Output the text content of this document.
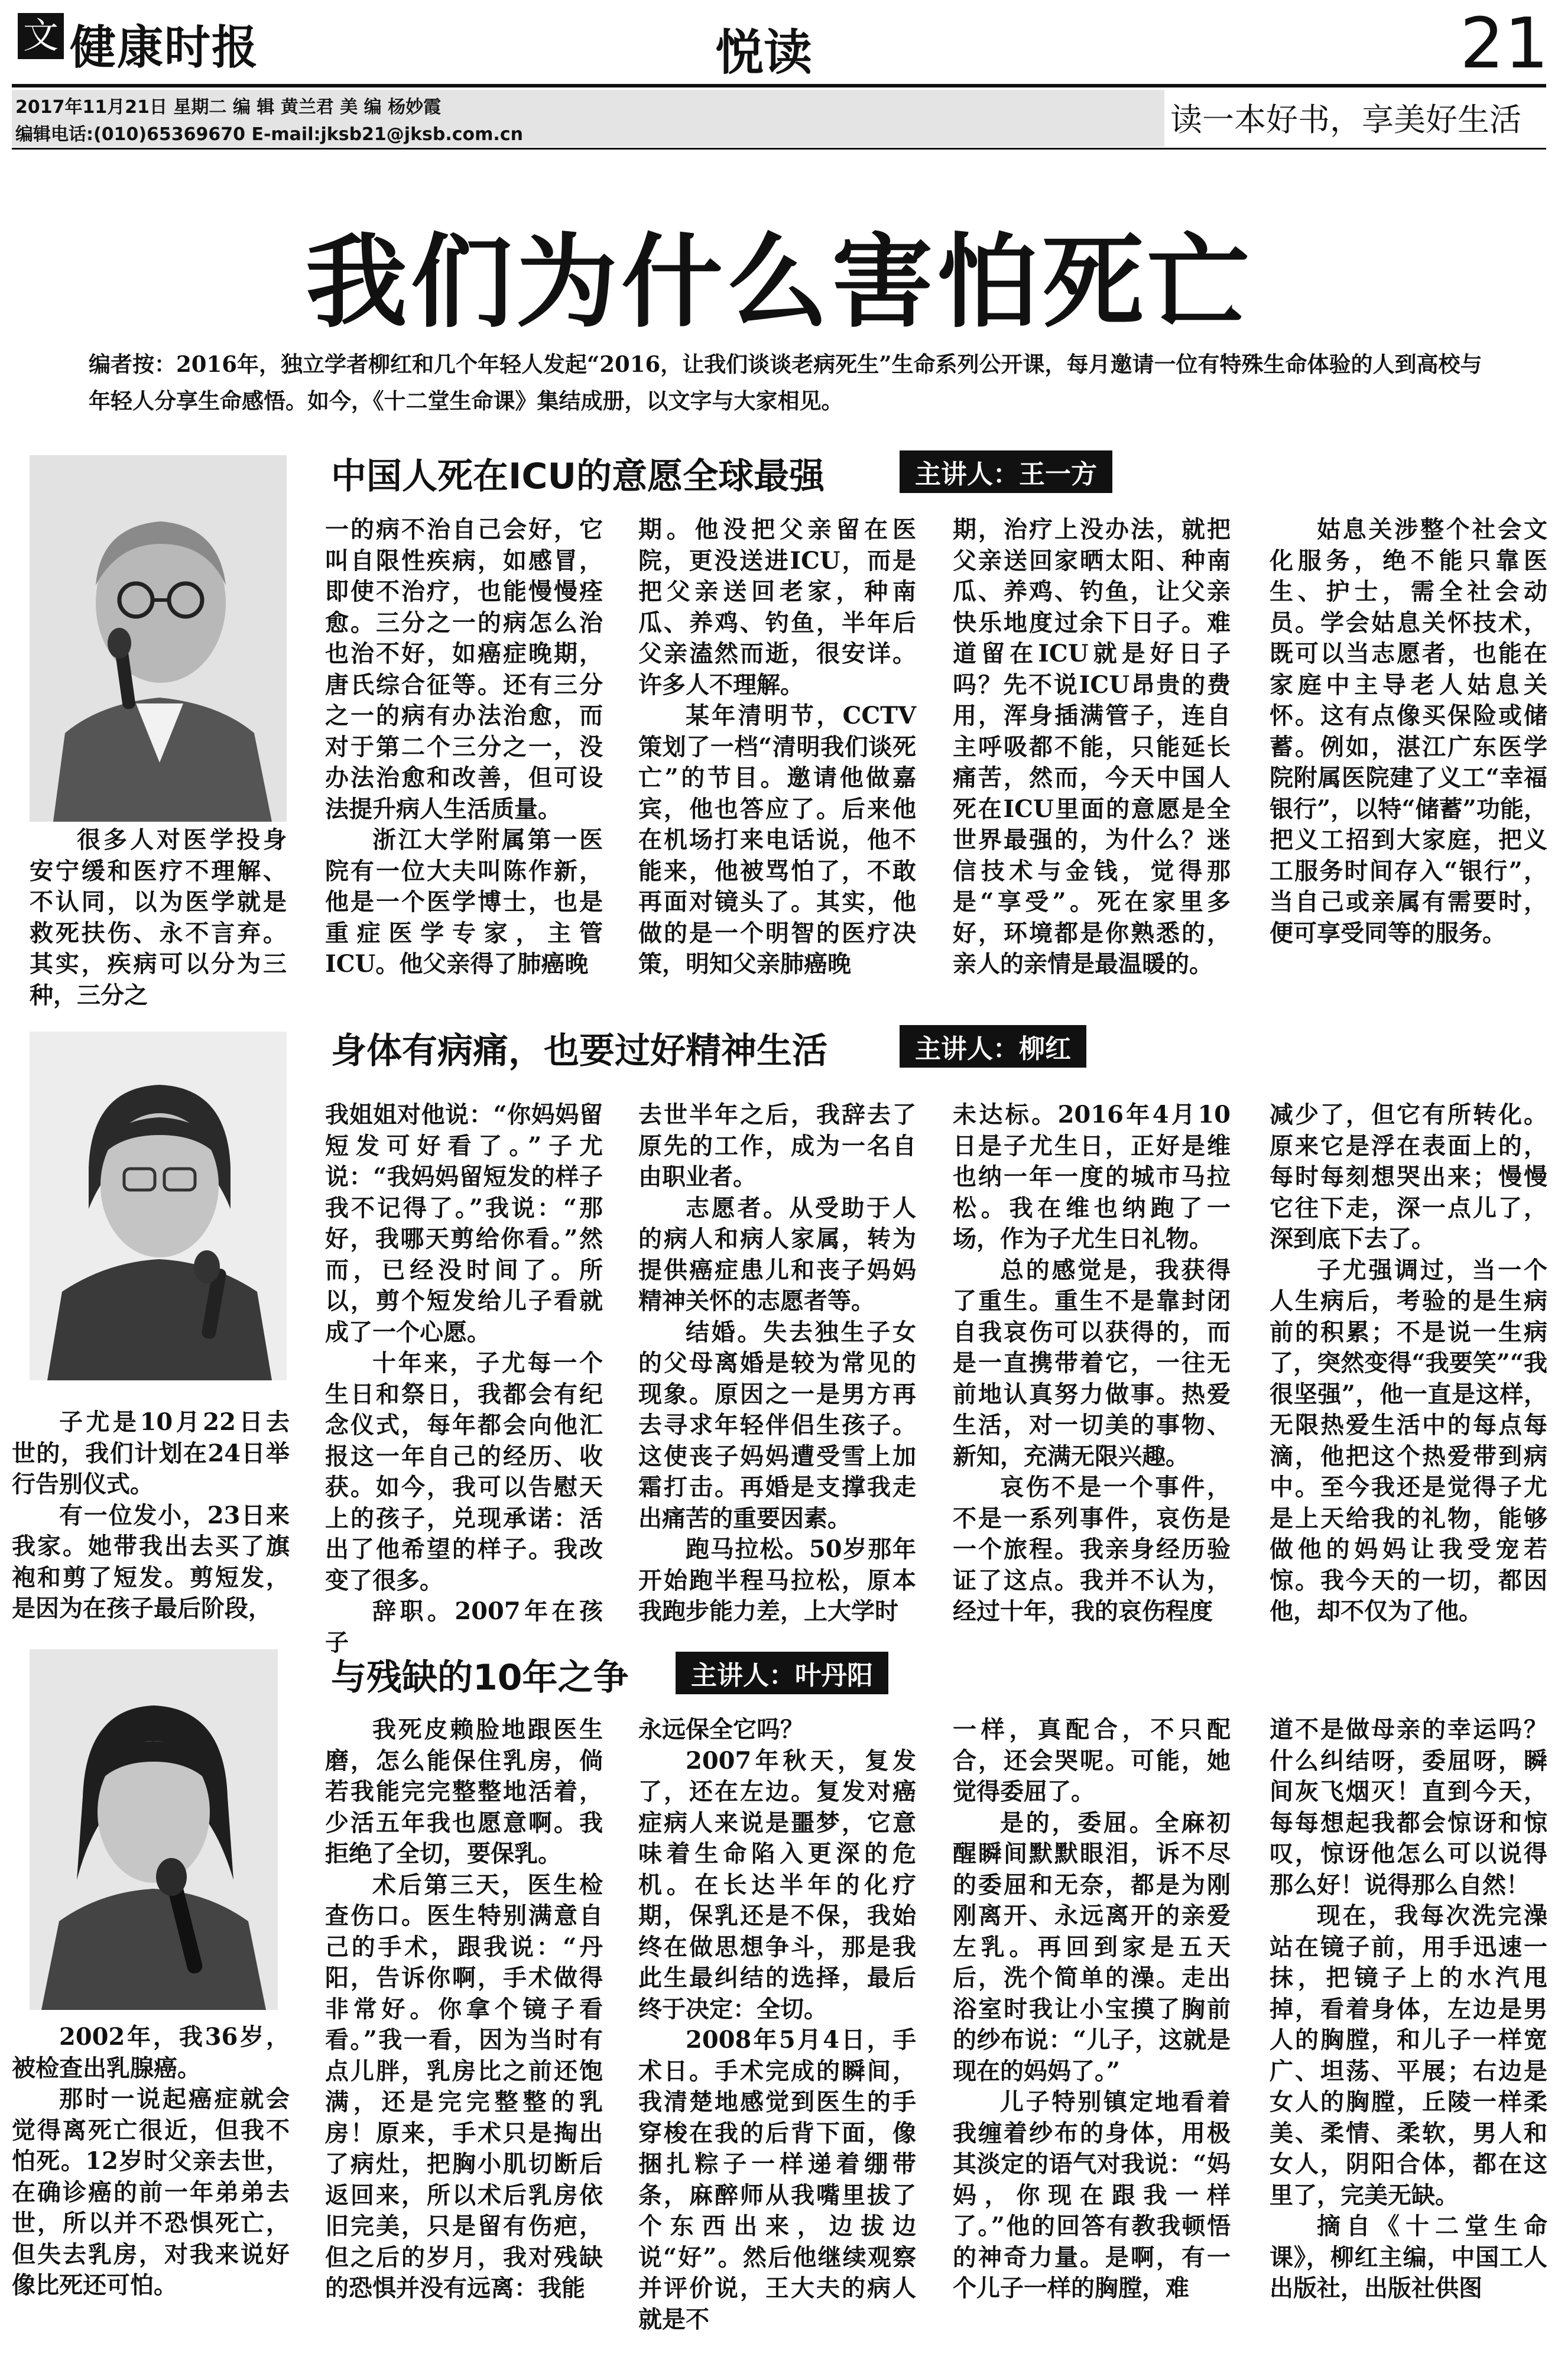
文 健康时报	悦读	21
2017年11月21日 星期二 编 辑 黄兰君 美 编 杨妙霞
编辑电话:(010)65369670 E-mail:jksb21@jksb.com.cn	读一本好书，享美好生活
我们为什么害怕死亡
编者按：2016年，独立学者柳红和几个年轻人发起“2016，让我们谈谈老病死生”生命系列公开课，每月邀请一位有特殊生命体验的人到高校与年轻人分享生命感悟。如今，《十二堂生命课》集结成册，以文字与大家相见。
中国人死在ICU的意愿全球最强	主讲人：王一方

很多人对医学投身安宁缓和医疗不理解、不认同，以为医学就是救死扶伤、永不言弃。其实，疾病可以分为三种，三分之

一的病不治自己会好，它叫自限性疾病，如感冒，即使不治疗，也能慢慢痊愈。三分之一的病怎么治也治不好，如癌症晚期，唐氏综合征等。还有三分之一的病有办法治愈，而对于第二个三分之一，没办法治愈和改善，但可设法提升病人生活质量。

浙江大学附属第一医院有一位大夫叫陈作新，他是一个医学博士，也是重症医学专家，主管ICU。他父亲得了肺癌晚

期。他没把父亲留在医院，更没送进ICU，而是把父亲送回老家，种南瓜、养鸡、钓鱼，半年后父亲溘然而逝，很安详。许多人不理解。

某年清明节，CCTV策划了一档“清明我们谈死亡”的节目。邀请他做嘉宾，他也答应了。后来他在机场打来电话说，他不能来，他被骂怕了，不敢再面对镜头了。其实，他做的是一个明智的医疗决策，明知父亲肺癌晚

期，治疗上没办法，就把父亲送回家晒太阳、种南瓜、养鸡、钓鱼，让父亲快乐地度过余下日子。难道留在ICU就是好日子吗？先不说ICU昂贵的费用，浑身插满管子，连自主呼吸都不能，只能延长痛苦，然而，今天中国人死在ICU里面的意愿是全世界最强的，为什么？迷信技术与金钱，觉得那是“享受”。死在家里多好，环境都是你熟悉的，亲人的亲情是最温暖的。

姑息关涉整个社会文化服务，绝不能只靠医生、护士，需全社会动员。学会姑息关怀技术，既可以当志愿者，也能在家庭中主导老人姑息关怀。这有点像买保险或储蓄。例如，湛江广东医学院附属医院建了义工“幸福银行”，以特“储蓄”功能，把义工招到大家庭，把义工服务时间存入“银行”，当自己或亲属有需要时，便可享受同等的服务。

身体有病痛，也要过好精神生活	主讲人：柳红

子尤是10月22日去世的，我们计划在24日举行告别仪式。

有一位发小，23日来我家。她带我出去买了旗袍和剪了短发。剪短发，是因为在孩子最后阶段，

我姐姐对他说：“你妈妈留短发可好看了。”子尤说：“我妈妈留短发的样子我不记得了。”我说：“那好，我哪天剪给你看。”然而，已经没时间了。所以，剪个短发给儿子看就成了一个心愿。

十年来，子尤每一个生日和祭日，我都会有纪念仪式，每年都会向他汇报这一年自己的经历、收获。如今，我可以告慰天上的孩子，兑现承诺：活出了他希望的样子。我改变了很多。

辞职。2007年在孩子

去世半年之后，我辞去了原先的工作，成为一名自由职业者。

志愿者。从受助于人的病人和病人家属，转为提供癌症患儿和丧子妈妈精神关怀的志愿者等。

结婚。失去独生子女的父母离婚是较为常见的现象。原因之一是男方再去寻求年轻伴侣生孩子。这使丧子妈妈遭受雪上加霜打击。再婚是支撑我走出痛苦的重要因素。

跑马拉松。50岁那年开始跑半程马拉松，原本我跑步能力差，上大学时

未达标。2016年4月10日是子尤生日，正好是维也纳一年一度的城市马拉松。我在维也纳跑了一场，作为子尤生日礼物。

总的感觉是，我获得了重生。重生不是靠封闭自我哀伤可以获得的，而是一直携带着它，一往无前地认真努力做事。热爱生活，对一切美的事物、新知，充满无限兴趣。

哀伤不是一个事件，不是一系列事件，哀伤是一个旅程。我亲身经历验证了这点。我并不认为，经过十年，我的哀伤程度

减少了，但它有所转化。原来它是浮在表面上的，每时每刻想哭出来；慢慢它往下走，深一点儿了，深到底下去了。

子尤强调过，当一个人生病后，考验的是生病前的积累；不是说一生病了，突然变得“我要笑”“我很坚强”，他一直是这样，无限热爱生活中的每点每滴，他把这个热爱带到病中。至今我还是觉得子尤是上天给我的礼物，能够做他的妈妈让我受宠若惊。我今天的一切，都因他，却不仅为了他。

与残缺的10年之争	主讲人：叶丹阳

2002年，我36岁，被检查出乳腺癌。

那时一说起癌症就会觉得离死亡很近，但我不怕死。12岁时父亲去世，在确诊癌的前一年弟弟去世，所以并不恐惧死亡，但失去乳房，对我来说好像比死还可怕。

我死皮赖脸地跟医生磨，怎么能保住乳房，倘若我能完完整整地活着，少活五年我也愿意啊。我拒绝了全切，要保乳。

术后第三天，医生检查伤口。医生特别满意自己的手术，跟我说：“丹阳，告诉你啊，手术做得非常好。你拿个镜子看看。”我一看，因为当时有点儿胖，乳房比之前还饱满，还是完完整整的乳房！原来，手术只是掏出了病灶，把胸小肌切断后返回来，所以术后乳房依旧完美，只是留有伤疤，但之后的岁月，我对残缺的恐惧并没有远离：我能

永远保全它吗？

2007年秋天，复发了，还在左边。复发对癌症病人来说是噩梦，它意味着生命陷入更深的危机。在长达半年的化疗期，保乳还是不保，我始终在做思想争斗，那是我此生最纠结的选择，最后终于决定：全切。

2008年5月4日，手术日。手术完成的瞬间，我清楚地感觉到医生的手穿梭在我的后背下面，像捆扎粽子一样递着绷带条，麻醉师从我嘴里拔了个东西出来，边拔边说“好”。然后他继续观察并评价说，王大夫的病人就是不

一样，真配合，不只配合，还会哭呢。可能，她觉得委屈了。

是的，委屈。全麻初醒瞬间默默眼泪，诉不尽的委屈和无奈，都是为刚刚离开、永远离开的亲爱左乳。再回到家是五天后，洗个简单的澡。走出浴室时我让小宝摸了胸前的纱布说：“儿子，这就是现在的妈妈了。”

儿子特别镇定地看着我缠着纱布的身体，用极其淡定的语气对我说：“妈妈，你现在跟我一样了。”他的回答有教我顿悟的神奇力量。是啊，有一个儿子一样的胸膛，难

道不是做母亲的幸运吗？什么纠结呀，委屈呀，瞬间灰飞烟灭！直到今天，每每想起我都会惊讶和惊叹，惊讶他怎么可以说得那么好！说得那么自然！

现在，我每次洗完澡站在镜子前，用手迅速一抹，把镜子上的水汽甩掉，看着身体，左边是男人的胸膛，和儿子一样宽广、坦荡、平展；右边是女人的胸膛，丘陵一样柔美、柔情、柔软，男人和女人，阴阳合体，都在这里了，完美无缺。

摘自《十二堂生命课》，柳红主编，中国工人出版社，出版社供图
